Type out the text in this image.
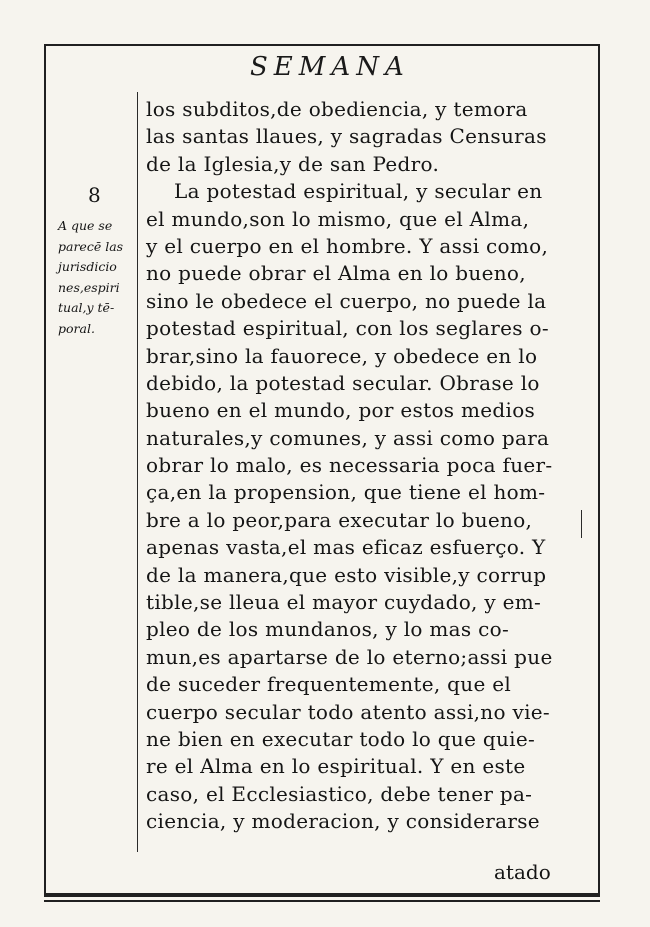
SEMANA
8
A que se
parecē las
jurisdicio
nes,espiri
tual,y tē-
poral.
los subditos,de obediencia, y temora
las santas llaues, y sagradas Censuras
de la Iglesia,y de san Pedro.
La potestad espiritual, y secular en
el mundo,son lo mismo, que el Alma,
y el cuerpo en el hombre. Y assi como,
no puede obrar el Alma en lo bueno,
sino le obedece el cuerpo, no puede la
potestad espiritual, con los seglares o-
brar,sino la fauorece, y obedece en lo
debido, la potestad secular. Obrase lo
bueno en el mundo, por estos medios
naturales,y comunes, y assi como para
obrar lo malo, es necessaria poca fuer-
ça,en la propension, que tiene el hom-
bre a lo peor,para executar lo bueno,
apenas vasta,el mas eficaz esfuerço. Y
de la manera,que esto visible,y corrup
tible,se lleua el mayor cuydado, y em-
pleo de los mundanos, y lo mas co-
mun,es apartarse de lo eterno;assi pue
de suceder frequentemente, que el
cuerpo secular todo atento assi,no vie-
ne bien en executar todo lo que quie-
re el Alma en lo espiritual. Y en este
caso, el Ecclesiastico, debe tener pa-
ciencia, y moderacion, y considerarse
atado
